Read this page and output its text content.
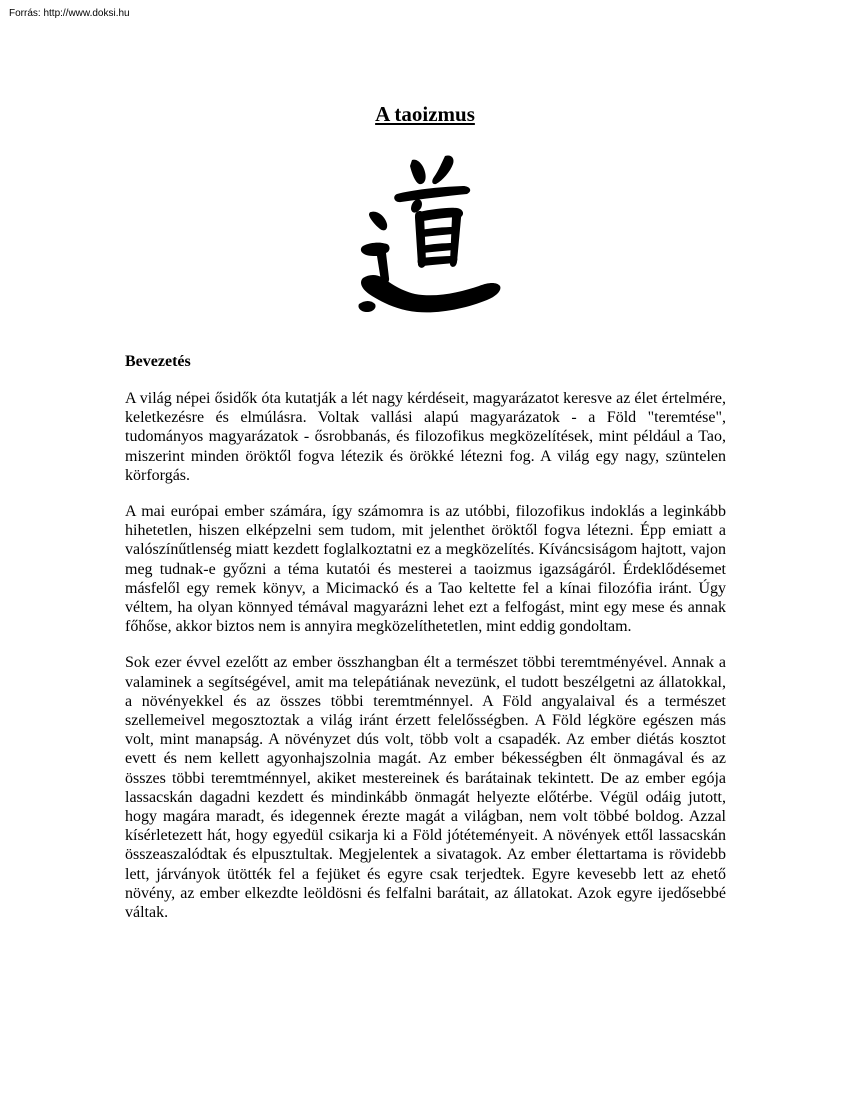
Forrás: http://www.doksi.hu
A taoizmus
Bevezetés

A világ népei ősidők óta kutatják a lét nagy kérdéseit, magyarázatot keresve az élet értelmére, keletkezésre és elmúlásra. Voltak vallási alapú magyarázatok - a Föld "teremtése", tudományos magyarázatok - ősrobbanás, és filozofikus megközelítések, mint például a Tao, miszerint minden öröktől fogva létezik és örökké létezni fog. A világ egy nagy, szüntelen körforgás.

A mai európai ember számára, így számomra is az utóbbi, filozofikus indoklás a leginkább hihetetlen, hiszen elképzelni sem tudom, mit jelenthet öröktől fogva létezni. Épp emiatt a valószínűtlenség miatt kezdett foglalkoztatni ez a megközelítés. Kíváncsiságom hajtott, vajon meg tudnak-e győzni a téma kutatói és mesterei a taoizmus igazságáról. Érdeklődésemet másfelől egy remek könyv, a Micimackó és a Tao keltette fel a kínai filozófia iránt. Úgy véltem, ha olyan könnyed témával magyarázni lehet ezt a felfogást, mint egy mese és annak főhőse, akkor biztos nem is annyira megközelíthetetlen, mint eddig gondoltam.

Sok ezer évvel ezelőtt az ember összhangban élt a természet többi teremtményével. Annak a valaminek a segítségével, amit ma telepátiának nevezünk, el tudott beszélgetni az állatokkal, a növényekkel és az összes többi teremtménnyel. A Föld angyalaival és a természet szellemeivel megosztoztak a világ iránt érzett felelősségben. A Föld légköre egészen más volt, mint manapság. A növényzet dús volt, több volt a csapadék. Az ember diétás kosztot evett és nem kellett agyonhajszolnia magát. Az ember békességben élt önmagával és az összes többi teremtménnyel, akiket mestereinek és barátainak tekintett. De az ember egója lassacskán dagadni kezdett és mindinkább önmagát helyezte előtérbe. Végül odáig jutott, hogy magára maradt, és idegennek érezte magát a világban, nem volt többé boldog. Azzal kísérletezett hát, hogy egyedül csikarja ki a Föld jótéteményeit. A növények ettől lassacskán összeaszalódtak és elpusztultak. Megjelentek a sivatagok. Az ember élettartama is rövidebb lett, járványok ütötték fel a fejüket és egyre csak terjedtek. Egyre kevesebb lett az ehető növény, az ember elkezdte leöldösni és felfalni barátait, az állatokat. Azok egyre ijedősebbé váltak.
